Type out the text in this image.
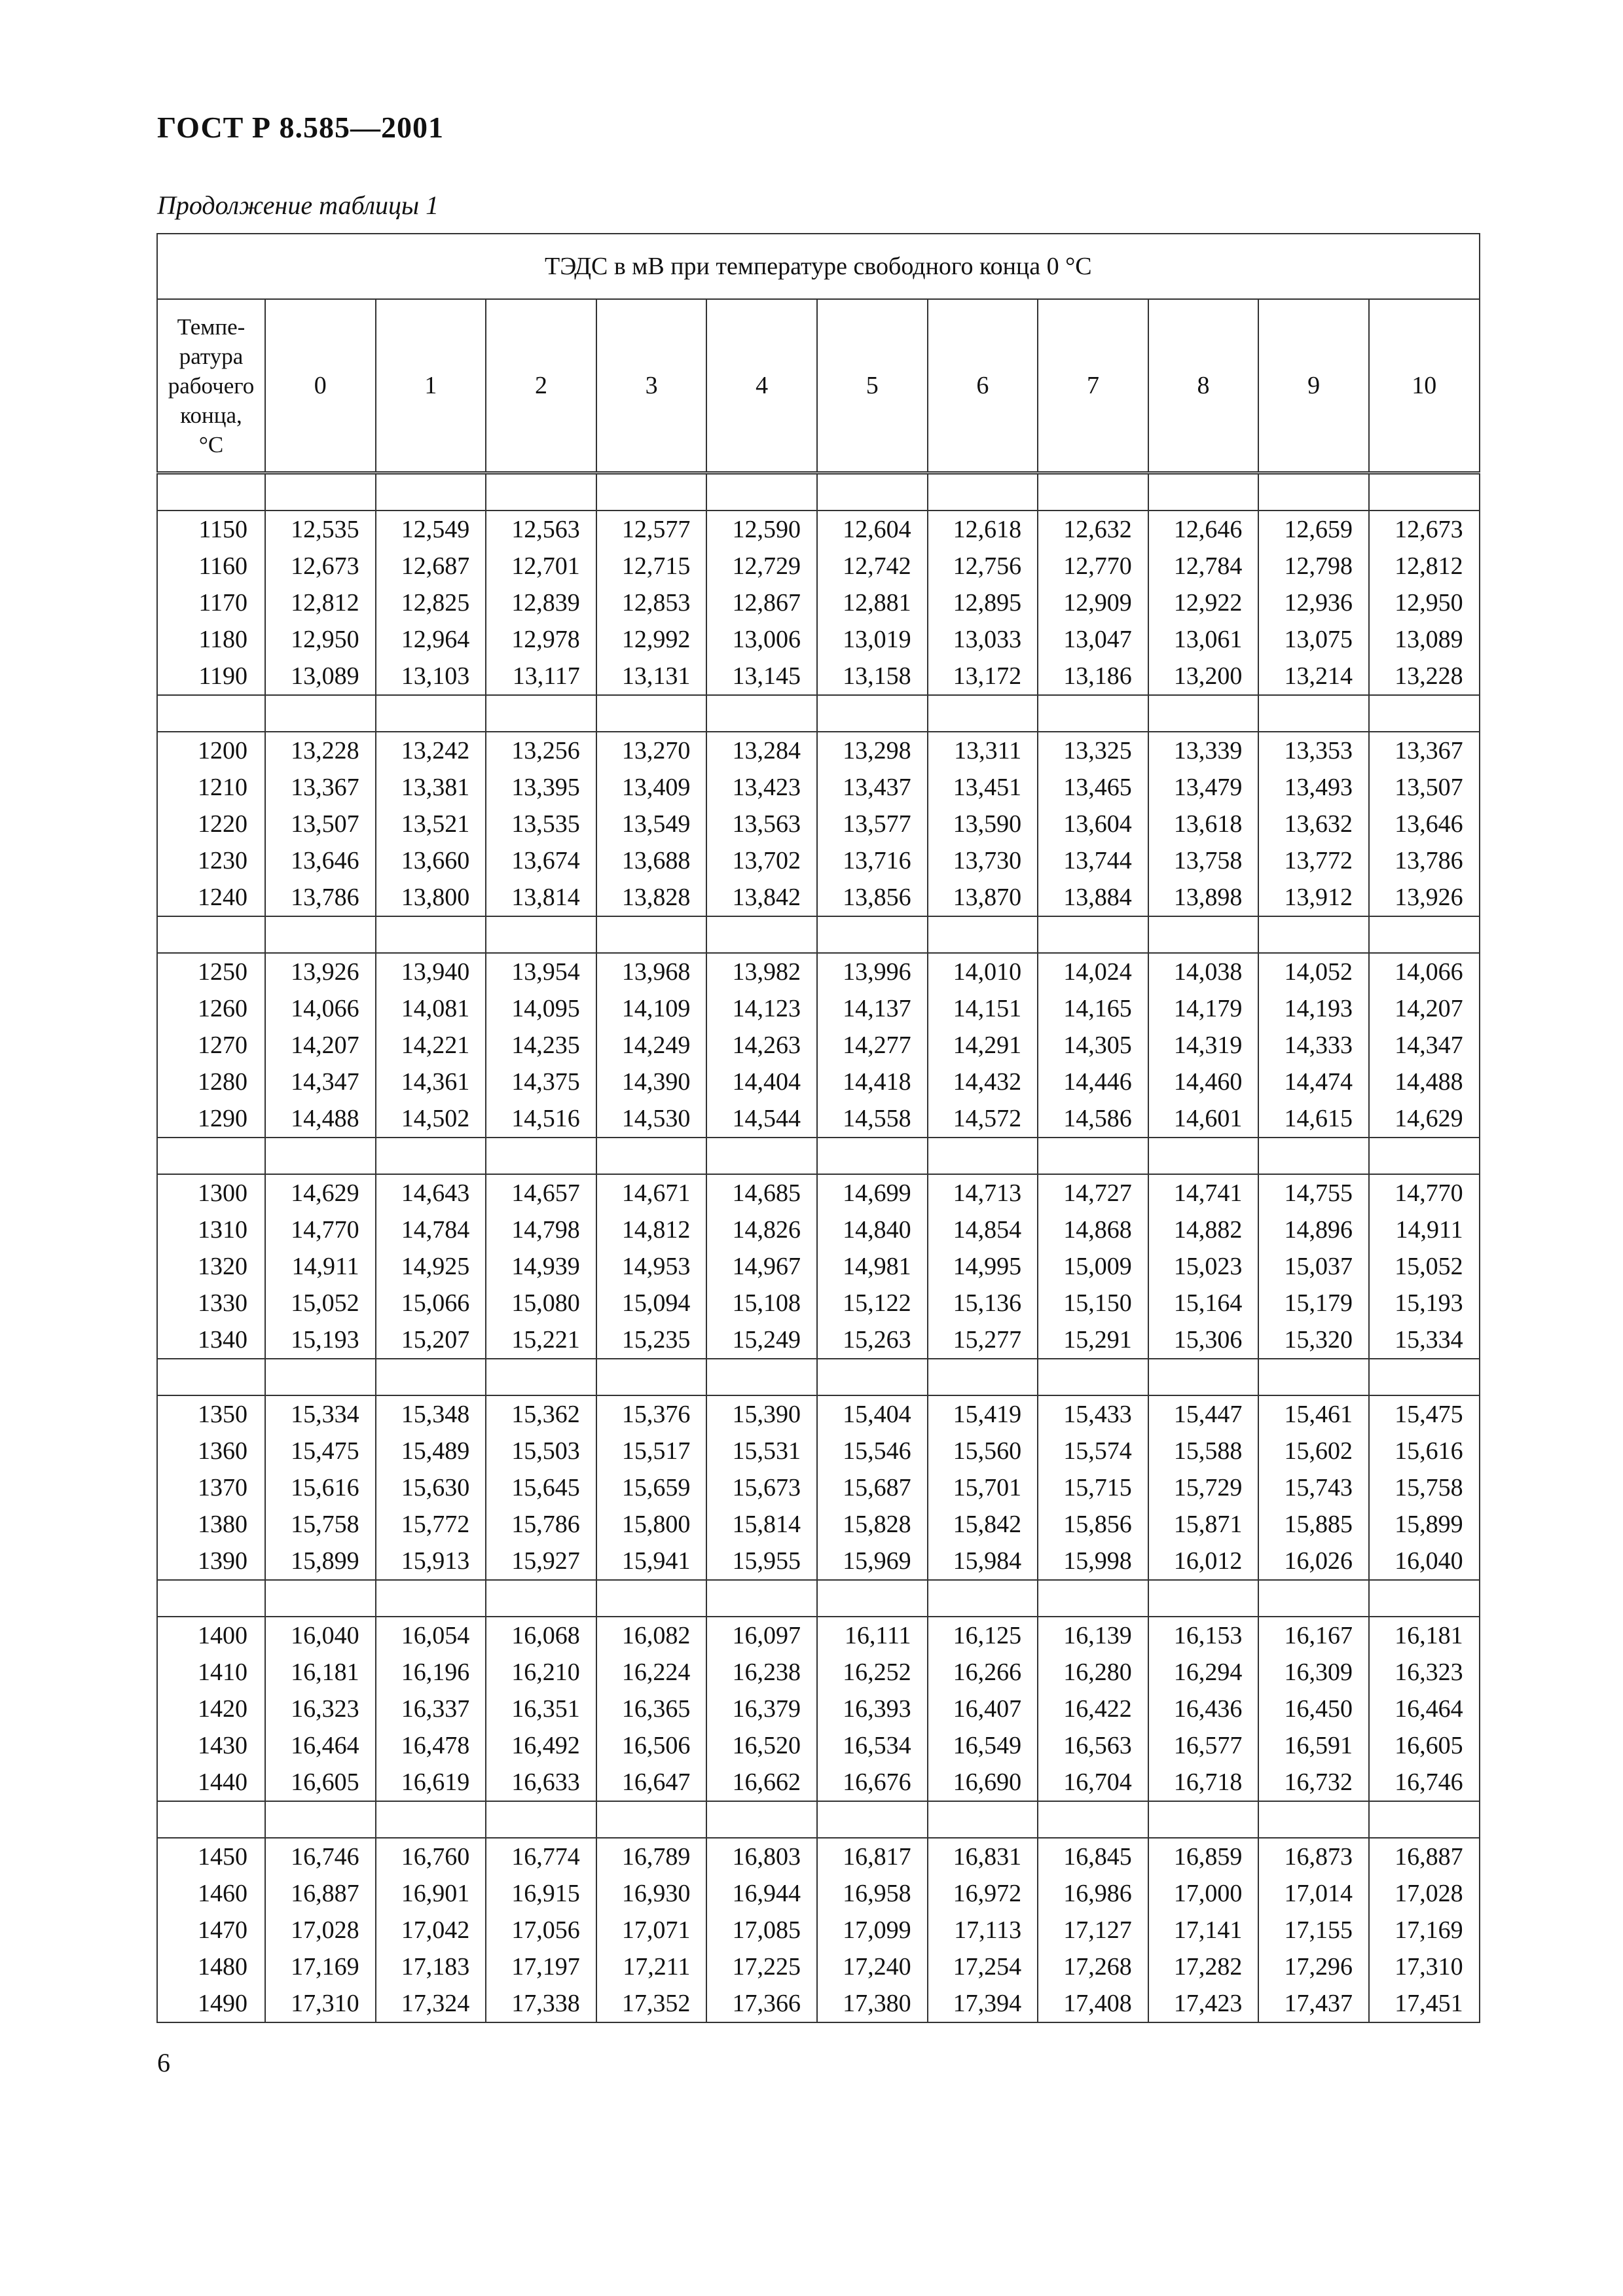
ГОСТ Р 8.585—2001
Продолжение таблицы 1
ТЭДС в мВ при температуре свободного конца 0 °С											

Темпе-
ратура
рабочего
конца,
°С	0	1	2	3	4	5	6	7	8	9	10

1150	12,535	12,549	12,563	12,577	12,590	12,604	12,618	12,632	12,646	12,659	12,673
1160	12,673	12,687	12,701	12,715	12,729	12,742	12,756	12,770	12,784	12,798	12,812
1170	12,812	12,825	12,839	12,853	12,867	12,881	12,895	12,909	12,922	12,936	12,950
1180	12,950	12,964	12,978	12,992	13,006	13,019	13,033	13,047	13,061	13,075	13,089
1190	13,089	13,103	13,117	13,131	13,145	13,158	13,172	13,186	13,200	13,214	13,228

1200	13,228	13,242	13,256	13,270	13,284	13,298	13,311	13,325	13,339	13,353	13,367
1210	13,367	13,381	13,395	13,409	13,423	13,437	13,451	13,465	13,479	13,493	13,507
1220	13,507	13,521	13,535	13,549	13,563	13,577	13,590	13,604	13,618	13,632	13,646
1230	13,646	13,660	13,674	13,688	13,702	13,716	13,730	13,744	13,758	13,772	13,786
1240	13,786	13,800	13,814	13,828	13,842	13,856	13,870	13,884	13,898	13,912	13,926

1250	13,926	13,940	13,954	13,968	13,982	13,996	14,010	14,024	14,038	14,052	14,066
1260	14,066	14,081	14,095	14,109	14,123	14,137	14,151	14,165	14,179	14,193	14,207
1270	14,207	14,221	14,235	14,249	14,263	14,277	14,291	14,305	14,319	14,333	14,347
1280	14,347	14,361	14,375	14,390	14,404	14,418	14,432	14,446	14,460	14,474	14,488
1290	14,488	14,502	14,516	14,530	14,544	14,558	14,572	14,586	14,601	14,615	14,629

1300	14,629	14,643	14,657	14,671	14,685	14,699	14,713	14,727	14,741	14,755	14,770
1310	14,770	14,784	14,798	14,812	14,826	14,840	14,854	14,868	14,882	14,896	14,911
1320	14,911	14,925	14,939	14,953	14,967	14,981	14,995	15,009	15,023	15,037	15,052
1330	15,052	15,066	15,080	15,094	15,108	15,122	15,136	15,150	15,164	15,179	15,193
1340	15,193	15,207	15,221	15,235	15,249	15,263	15,277	15,291	15,306	15,320	15,334

1350	15,334	15,348	15,362	15,376	15,390	15,404	15,419	15,433	15,447	15,461	15,475
1360	15,475	15,489	15,503	15,517	15,531	15,546	15,560	15,574	15,588	15,602	15,616
1370	15,616	15,630	15,645	15,659	15,673	15,687	15,701	15,715	15,729	15,743	15,758
1380	15,758	15,772	15,786	15,800	15,814	15,828	15,842	15,856	15,871	15,885	15,899
1390	15,899	15,913	15,927	15,941	15,955	15,969	15,984	15,998	16,012	16,026	16,040

1400	16,040	16,054	16,068	16,082	16,097	16,111	16,125	16,139	16,153	16,167	16,181
1410	16,181	16,196	16,210	16,224	16,238	16,252	16,266	16,280	16,294	16,309	16,323
1420	16,323	16,337	16,351	16,365	16,379	16,393	16,407	16,422	16,436	16,450	16,464
1430	16,464	16,478	16,492	16,506	16,520	16,534	16,549	16,563	16,577	16,591	16,605
1440	16,605	16,619	16,633	16,647	16,662	16,676	16,690	16,704	16,718	16,732	16,746

1450	16,746	16,760	16,774	16,789	16,803	16,817	16,831	16,845	16,859	16,873	16,887
1460	16,887	16,901	16,915	16,930	16,944	16,958	16,972	16,986	17,000	17,014	17,028
1470	17,028	17,042	17,056	17,071	17,085	17,099	17,113	17,127	17,141	17,155	17,169
1480	17,169	17,183	17,197	17,211	17,225	17,240	17,254	17,268	17,282	17,296	17,310
1490	17,310	17,324	17,338	17,352	17,366	17,380	17,394	17,408	17,423	17,437	17,451
6
